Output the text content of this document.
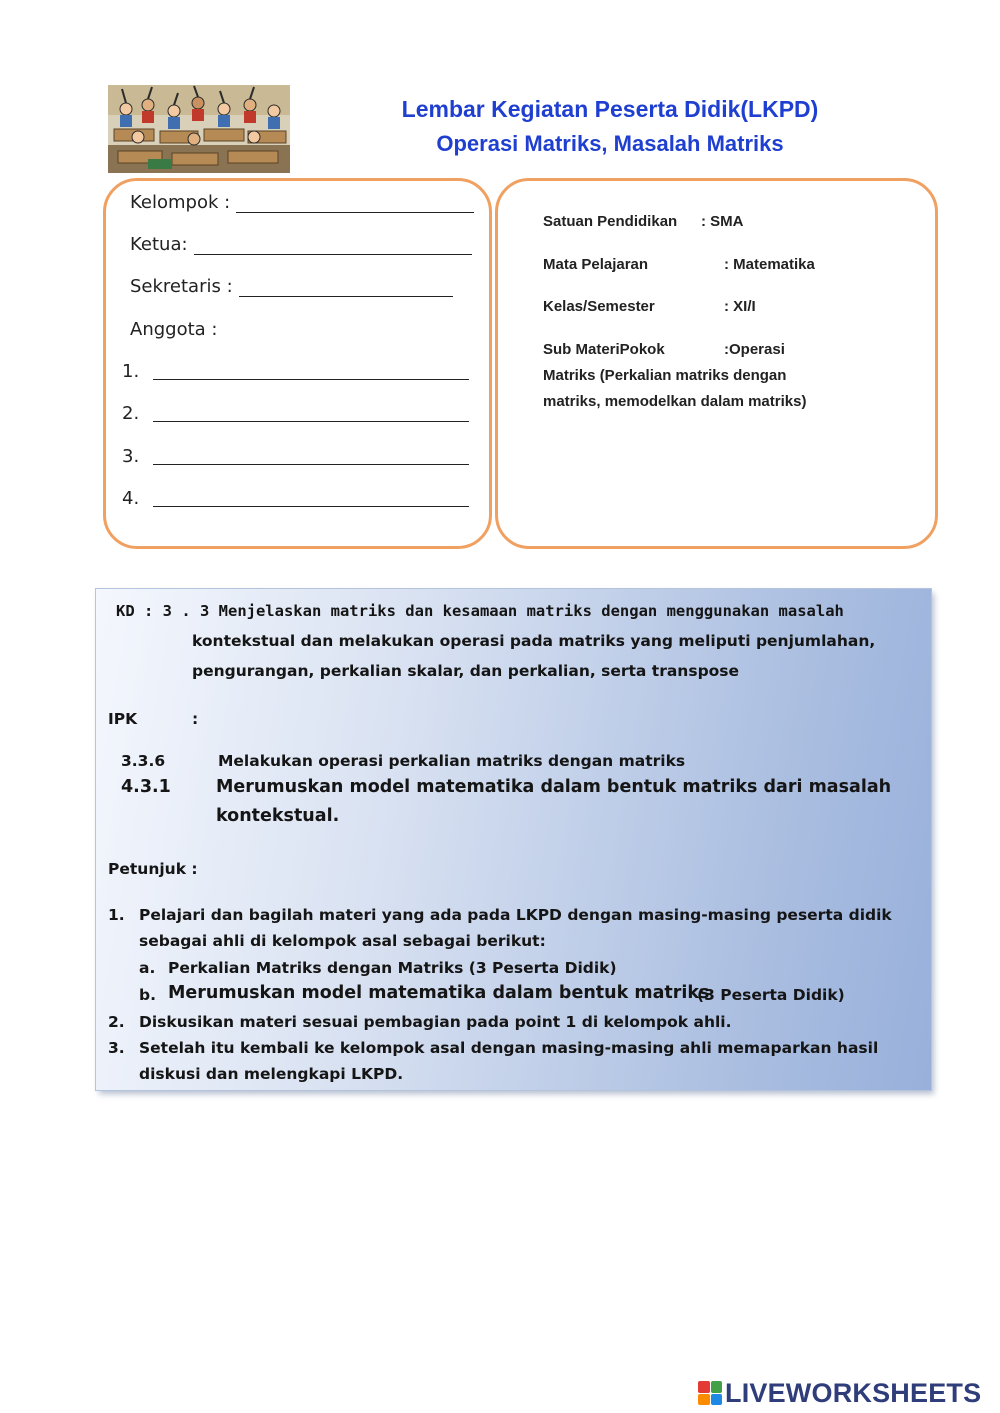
Lembar Kegiatan Peserta Didik(LKPD)
Operasi Matriks, Masalah Matriks
Kelompok :
Ketua:
Sekretaris :
Anggota :
1.
2.
3.
4.
Satuan Pendidikan : SMA
Mata Pelajaran	: Matematika
Kelas/Semester	: XI/I
Sub MateriPokok	:Operasi
Matriks (Perkalian matriks dengan
matriks, memodelkan dalam matriks)
KD : 3 . 3 Menjelaskan matriks dan kesamaan matriks dengan menggunakan masalah
kontekstual dan melakukan operasi pada matriks yang meliputi penjumlahan,
pengurangan, perkalian skalar, dan perkalian, serta transpose
IPK	:
3.3.6	Melakukan operasi perkalian matriks dengan matriks
4.3.1	Merumuskan model matematika dalam bentuk matriks dari masalah
kontekstual.
Petunjuk :
1. Pelajari dan bagilah materi yang ada pada LKPD dengan masing-masing peserta didik
sebagai ahli di kelompok asal sebagai berikut:
a. Perkalian Matriks dengan Matriks (3 Peserta Didik)
b. Merumuskan model matematika dalam bentuk matriks
(3 Peserta Didik)
2. Diskusikan materi sesuai pembagian pada point 1 di kelompok ahli.
3. Setelah itu kembali ke kelompok asal dengan masing-masing ahli memaparkan hasil
diskusi dan melengkapi LKPD.
LIVEWORKSHEETS
